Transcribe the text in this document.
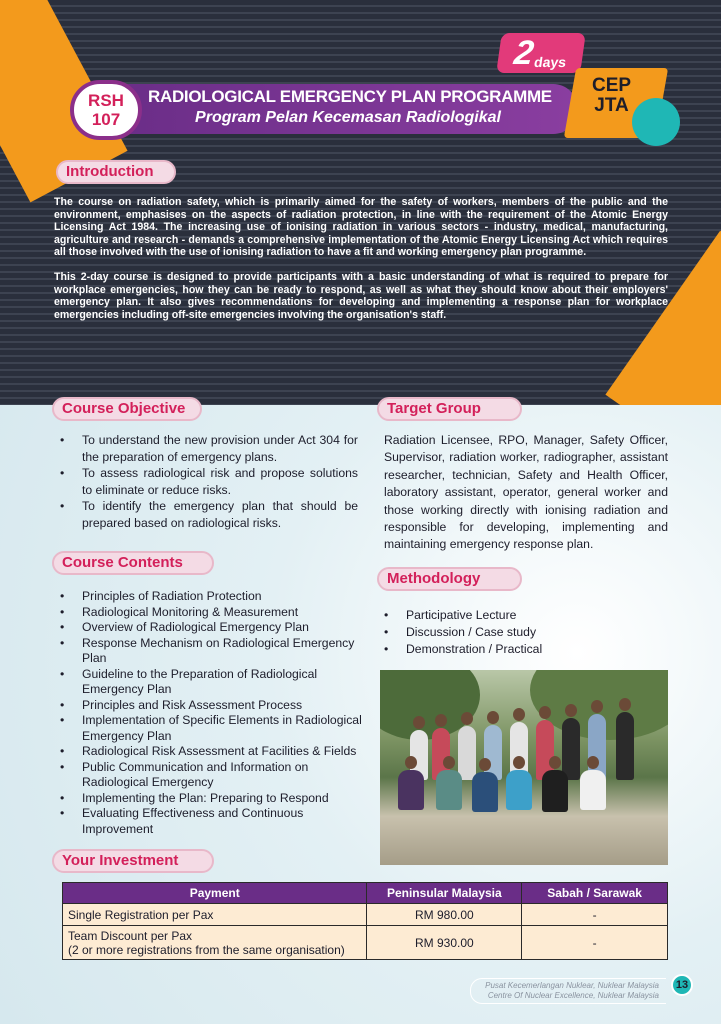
RSH
107
RADIOLOGICAL EMERGENCY PLAN PROGRAMME
Program Pelan Kecemasan Radiologikal
2
days
CEP
JTA
Introduction

The course on radiation safety, which is primarily aimed for the safety of workers, members of the public and the environment, emphasises on the aspects of radiation protection, in line with the requirement of the Atomic Energy Licensing Act 1984. The increasing use of ionising radiation in various sectors - industry, medical, manufacturing, agriculture and research - demands a comprehensive implementation of the Atomic Energy Licensing Act which requires all those involved with the use of ionising radiation to have a fit and working emergency plan programme.

This 2-day course is designed to provide participants with a basic understanding of what is required to prepare for workplace emergencies, how they can be ready to respond, as well as what they should know about their employers' emergency plan. It also gives recommendations for developing and implementing a response plan for workplace emergencies including off-site emergencies involving the organisation's staff.

Course Objective
• To understand the new provision under Act 304 for the preparation of emergency plans.
• To assess radiological risk and propose solutions to eliminate or reduce risks.
• To identify the emergency plan that should be prepared based on radiological risks.
Target Group
Radiation Licensee, RPO, Manager, Safety Officer, Supervisor, radiation worker, radiographer, assistant researcher, technician, Safety and Health Officer, laboratory assistant, operator, general worker and those working directly with ionising radiation and responsible for developing, implementing and maintaining emergency response plan.
Course Contents
• Principles of Radiation Protection
• Radiological Monitoring & Measurement
• Overview of Radiological Emergency Plan
• Response Mechanism on Radiological Emergency Plan
• Guideline to the Preparation of Radiological Emergency Plan
• Principles and Risk Assessment Process
• Implementation of Specific Elements in Radiological Emergency Plan
• Radiological Risk Assessment at Facilities & Fields
• Public Communication and Information on Radiological Emergency
• Implementing the Plan: Preparing to Respond
• Evaluating Effectiveness and Continuous Improvement
Methodology
• Participative Lecture
• Discussion / Case study
• Demonstration / Practical
Your Investment
Payment	Peninsular Malaysia	Sabah / Sarawak
Single Registration per Pax	RM 980.00	-

Team Discount per Pax
(2 or more registrations from the same organisation)	RM 930.00	-
Pusat Kecemerlangan Nuklear, Nuklear Malaysia
Centre Of Nuclear Excellence, Nuklear Malaysia
13
